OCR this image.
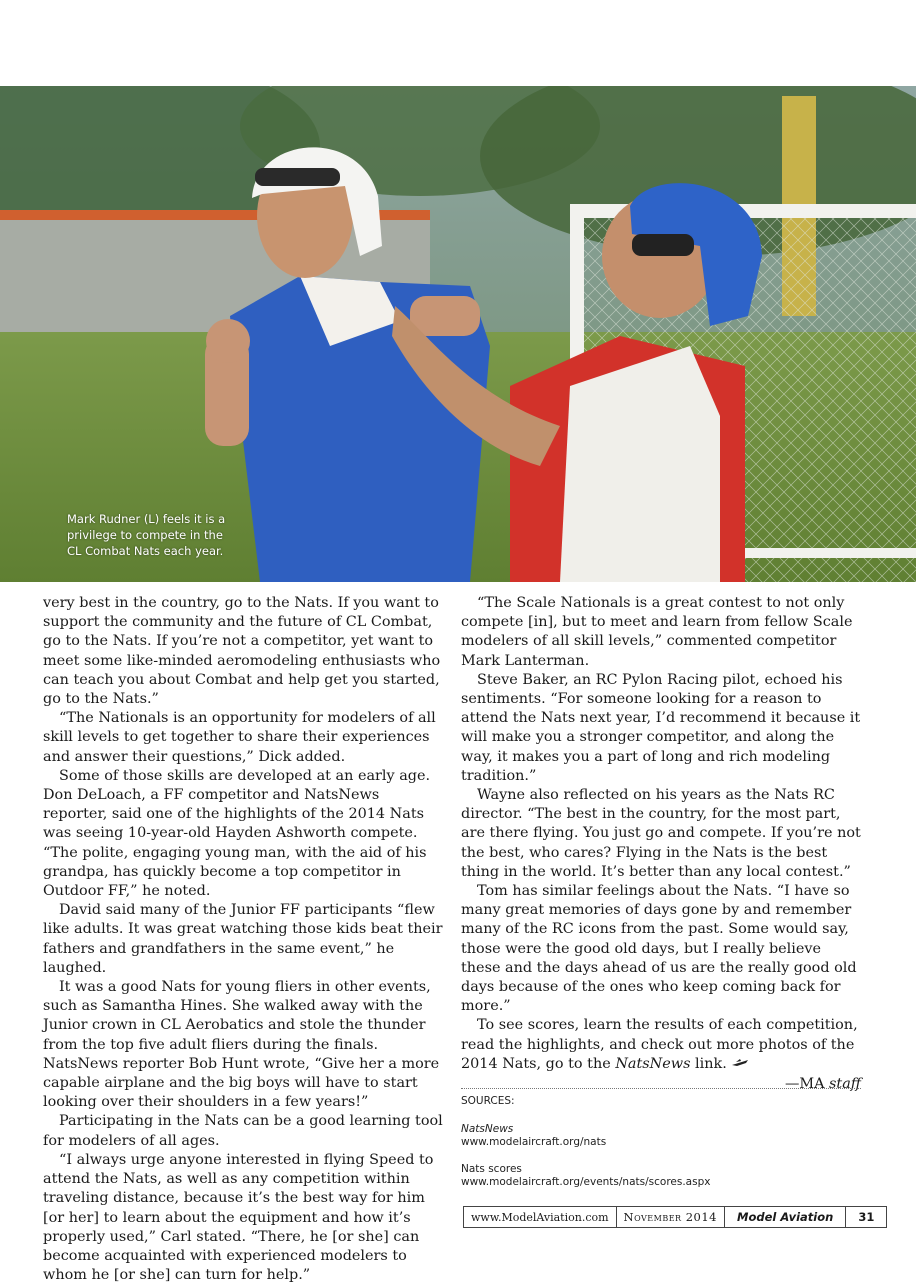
Mark Rudner (L) feels it is a
privilege to compete in the
CL Combat Nats each year.

very best in the country, go to the Nats. If you want to support the community and the future of CL Combat, go to the Nats. If you’re not a competitor, yet want to meet some like-minded aeromodeling enthusiasts who can teach you about Combat and help get you started, go to the Nats.”

“The Nationals is an opportunity for modelers of all skill levels to get together to share their experiences and answer their questions,” Dick added.

Some of those skills are developed at an early age. Don DeLoach, a FF competitor and NatsNews reporter, said one of the highlights of the 2014 Nats was seeing 10-year-old Hayden Ashworth compete. “The polite, engaging young man, with the aid of his grandpa, has quickly become a top competitor in Outdoor FF,” he noted.

David said many of the Junior FF participants “flew like adults. It was great watching those kids beat their fathers and grandfathers in the same event,” he laughed.

It was a good Nats for young fliers in other events, such as Samantha Hines. She walked away with the Junior crown in CL Aerobatics and stole the thunder from the top five adult fliers during the finals. NatsNews reporter Bob Hunt wrote, “Give her a more capable airplane and the big boys will have to start looking over their shoulders in a few years!”

Participating in the Nats can be a good learning tool for modelers of all ages.

“I always urge anyone interested in flying Speed to attend the Nats, as well as any competition within traveling distance, because it’s the best way for him [or her] to learn about the equipment and how it’s properly used,” Carl stated. “There, he [or she] can become acquainted with experienced modelers to whom he [or she] can turn for help.”

“The Scale Nationals is a great contest to not only compete [in], but to meet and learn from fellow Scale modelers of all skill levels,” commented competitor Mark Lanterman.

Steve Baker, an RC Pylon Racing pilot, echoed his sentiments. “For someone looking for a reason to attend the Nats next year, I’d recommend it because it will make you a stronger competitor, and along the way, it makes you a part of long and rich modeling tradition.”

Wayne also reflected on his years as the Nats RC director. “The best in the country, for the most part, are there flying. You just go and compete. If you’re not the best, who cares? Flying in the Nats is the best thing in the world. It’s better than any local contest.”

Tom has similar feelings about the Nats. “I have so many great memories of days gone by and remember many of the RC icons from the past. Some would say, those were the good old days, but I really believe these and the days ahead of us are the really good old days because of the ones who keep coming back for more.”

To see scores, learn the results of each competition, read the highlights, and check out more photos of the 2014 Nats, go to the NatsNews link.

—MA staff
SOURCES:
NatsNews
www.modelaircraft.org/nats
Nats scores
www.modelaircraft.org/events/nats/scores.aspx
www.ModelAviation.com	November 2014	Model Aviation	31
